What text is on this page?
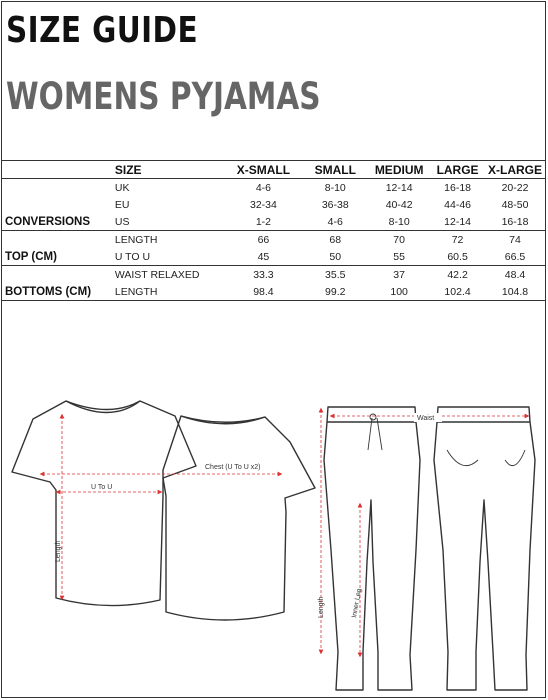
SIZE GUIDE
WOMENS PYJAMAS
	SIZE	X-SMALL	SMALL	MEDIUM	LARGE	X-LARGE
	UK	4-6	8-10	12-14	16-18	20-22
	EU	32-34	36-38	40-42	44-46	48-50
CONVERSIONS	US	1-2	4-6	8-10	12-14	16-18
	LENGTH	66	68	70	72	74
TOP (CM)	U TO U	45	50	55	60.5	66.5
	WAIST RELAXED	33.3	35.5	37	42.2	48.4
BOTTOMS (CM)	LENGTH	98.4	99.2	100	102.4	104.8
U To U
Chest (U To U x2)
Length
Waist
Length	Inner Leg
